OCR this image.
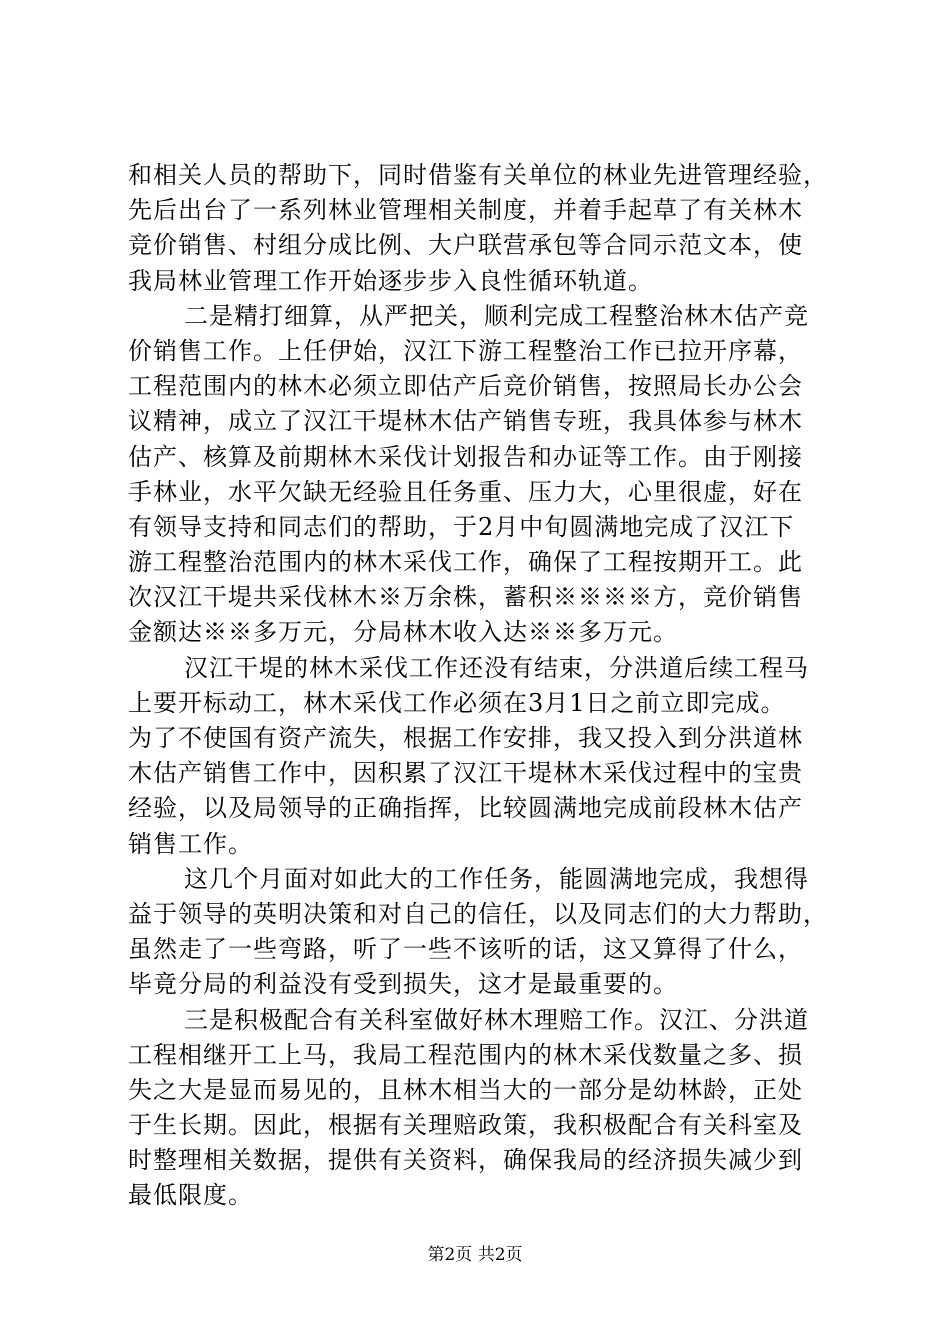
和相关人员的帮助下，同时借鉴有关单位的林业先进管理经验，
先后出台了一系列林业管理相关制度，并着手起草了有关林木
竞价销售、村组分成比例、大户联营承包等合同示范文本，使
我局林业管理工作开始逐步步入良性循环轨道。
二是精打细算，从严把关，顺利完成工程整治林木估产竞
价销售工作。上任伊始，汉江下游工程整治工作已拉开序幕，
工程范围内的林木必须立即估产后竞价销售，按照局长办公会
议精神，成立了汉江干堤林木估产销售专班，我具体参与林木
估产、核算及前期林木采伐计划报告和办证等工作。由于刚接
手林业，水平欠缺无经验且任务重、压力大，心里很虚，好在
有领导支持和同志们的帮助，于2月中旬圆满地完成了汉江下
游工程整治范围内的林木采伐工作，确保了工程按期开工。此
次汉江干堤共采伐林木※万余株，蓄积※※※※方，竞价销售
金额达※※多万元，分局林木收入达※※多万元。
汉江干堤的林木采伐工作还没有结束，分洪道后续工程马
上要开标动工，林木采伐工作必须在3月1日之前立即完成。
为了不使国有资产流失，根据工作安排，我又投入到分洪道林
木估产销售工作中，因积累了汉江干堤林木采伐过程中的宝贵
经验，以及局领导的正确指挥，比较圆满地完成前段林木估产
销售工作。
这几个月面对如此大的工作任务，能圆满地完成，我想得
益于领导的英明决策和对自己的信任，以及同志们的大力帮助，
虽然走了一些弯路，听了一些不该听的话，这又算得了什么，
毕竟分局的利益没有受到损失，这才是最重要的。
三是积极配合有关科室做好林木理赔工作。汉江、分洪道
工程相继开工上马，我局工程范围内的林木采伐数量之多、损
失之大是显而易见的，且林木相当大的一部分是幼林龄，正处
于生长期。因此，根据有关理赔政策，我积极配合有关科室及
时整理相关数据，提供有关资料，确保我局的经济损失减少到
最低限度。
第2页 共2页
